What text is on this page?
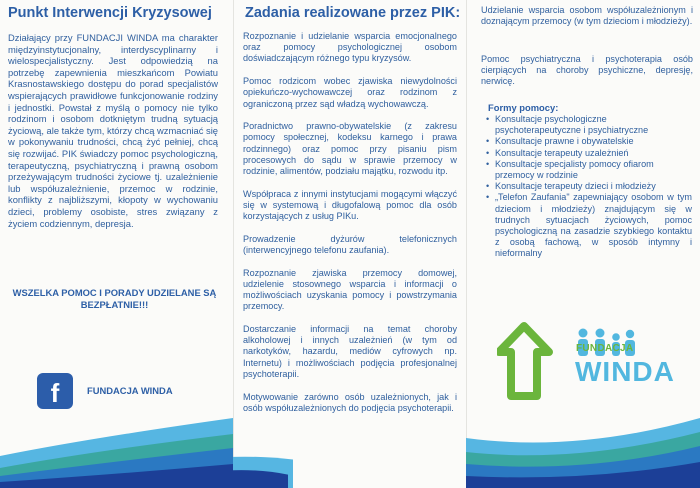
Punkt Interwencji Kryzysowej

Działający przy FUNDACJI WINDA ma charakter międzyinstytucjonalny, interdyscyplinarny i wielospecjalistyczny. Jest odpowiedzią na potrzebę zapewnienia mieszkańcom Powiatu Krasnostawskiego dostępu do porad specjalistów wspierających prawidłowe funkcjonowanie rodziny i jednostki. Powstał z myślą o pomocy nie tylko rodzinom i osobom dotkniętym trudną sytuacją życiową, ale także tym, którzy chcą wzmacniać się w pokonywaniu trudności, chcą żyć pełniej, chcą się rozwijać. PIK świadczy pomoc psychologiczną, terapeutyczną, psychiatryczną i prawną osobom przeżywającym trudności życiowe tj. uzależnienie lub współuzależnienie, przemoc w rodzinie, konflikty z najbliższymi, kłopoty w wychowaniu dzieci, problemy osobiste, stres związany z życiem codziennym, depresja.

WSZELKA POMOC I PORADY UDZIELANE SĄ BEZPŁATNIE!!!

f	FUNDACJA WINDA
Zadania realizowane przez PIK:

Rozpoznanie i udzielanie wsparcia emocjonalnego oraz pomocy psychologicznej osobom doświadczającym różnego typu kryzysów.

Pomoc rodzicom wobec zjawiska niewydolności opiekuńczo-wychowawczej oraz rodzinom z ograniczoną przez sąd władzą wychowawczą.

Poradnictwo prawno-obywatelskie (z zakresu pomocy społecznej, kodeksu karnego i prawa rodzinnego) oraz pomoc przy pisaniu pism procesowych do sądu w sprawie przemocy w rodzinie, alimentów, podziału majątku, rozwodu itp.

Współpraca z innymi instytucjami mogącymi włączyć się w systemową i długofalową pomoc dla osób korzystających z usług PIKu.

Prowadzenie dyżurów telefonicznych (interwencyjnego telefonu zaufania).

Rozpoznanie zjawiska przemocy domowej, udzielenie stosownego wsparcia i informacji o możliwościach uzyskania pomocy i powstrzymania przemocy.

Dostarczanie informacji na temat choroby alkoholowej i innych uzależnień (w tym od narkotyków, hazardu, mediów cyfrowych np. Internetu) i możliwościach podjęcia profesjonalnej psychoterapii.

Motywowanie zarówno osób uzależnionych, jak i osób współuzależnionych do podjęcia psychoterapii.

Udzielanie wsparcia osobom współuzależnionym i doznającym przemocy (w tym dzieciom i młodzieży).

Pomoc psychiatryczna i psychoterapia osób cierpiących na choroby psychiczne, depresję, nerwicę.

Formy pomocy:
• Konsultacje psychologiczne psychoterapeutyczne i psychiatryczne
• Konsultacje prawne i obywatelskie
• Konsultacje terapeuty uzależnień
• Konsultacje specjalisty pomocy ofiarom przemocy w rodzinie
• Konsultacje terapeuty dzieci i młodzieży
• „Telefon Zaufania" zapewniający osobom w tym dzieciom i młodzieży) znajdującym się w trudnych sytuacjach życiowych, pomoc psychologiczną na zasadzie szybkiego kontaktu z osobą fachową, w sposób intymny i nieformalny
FUNDACJA
WINDA
